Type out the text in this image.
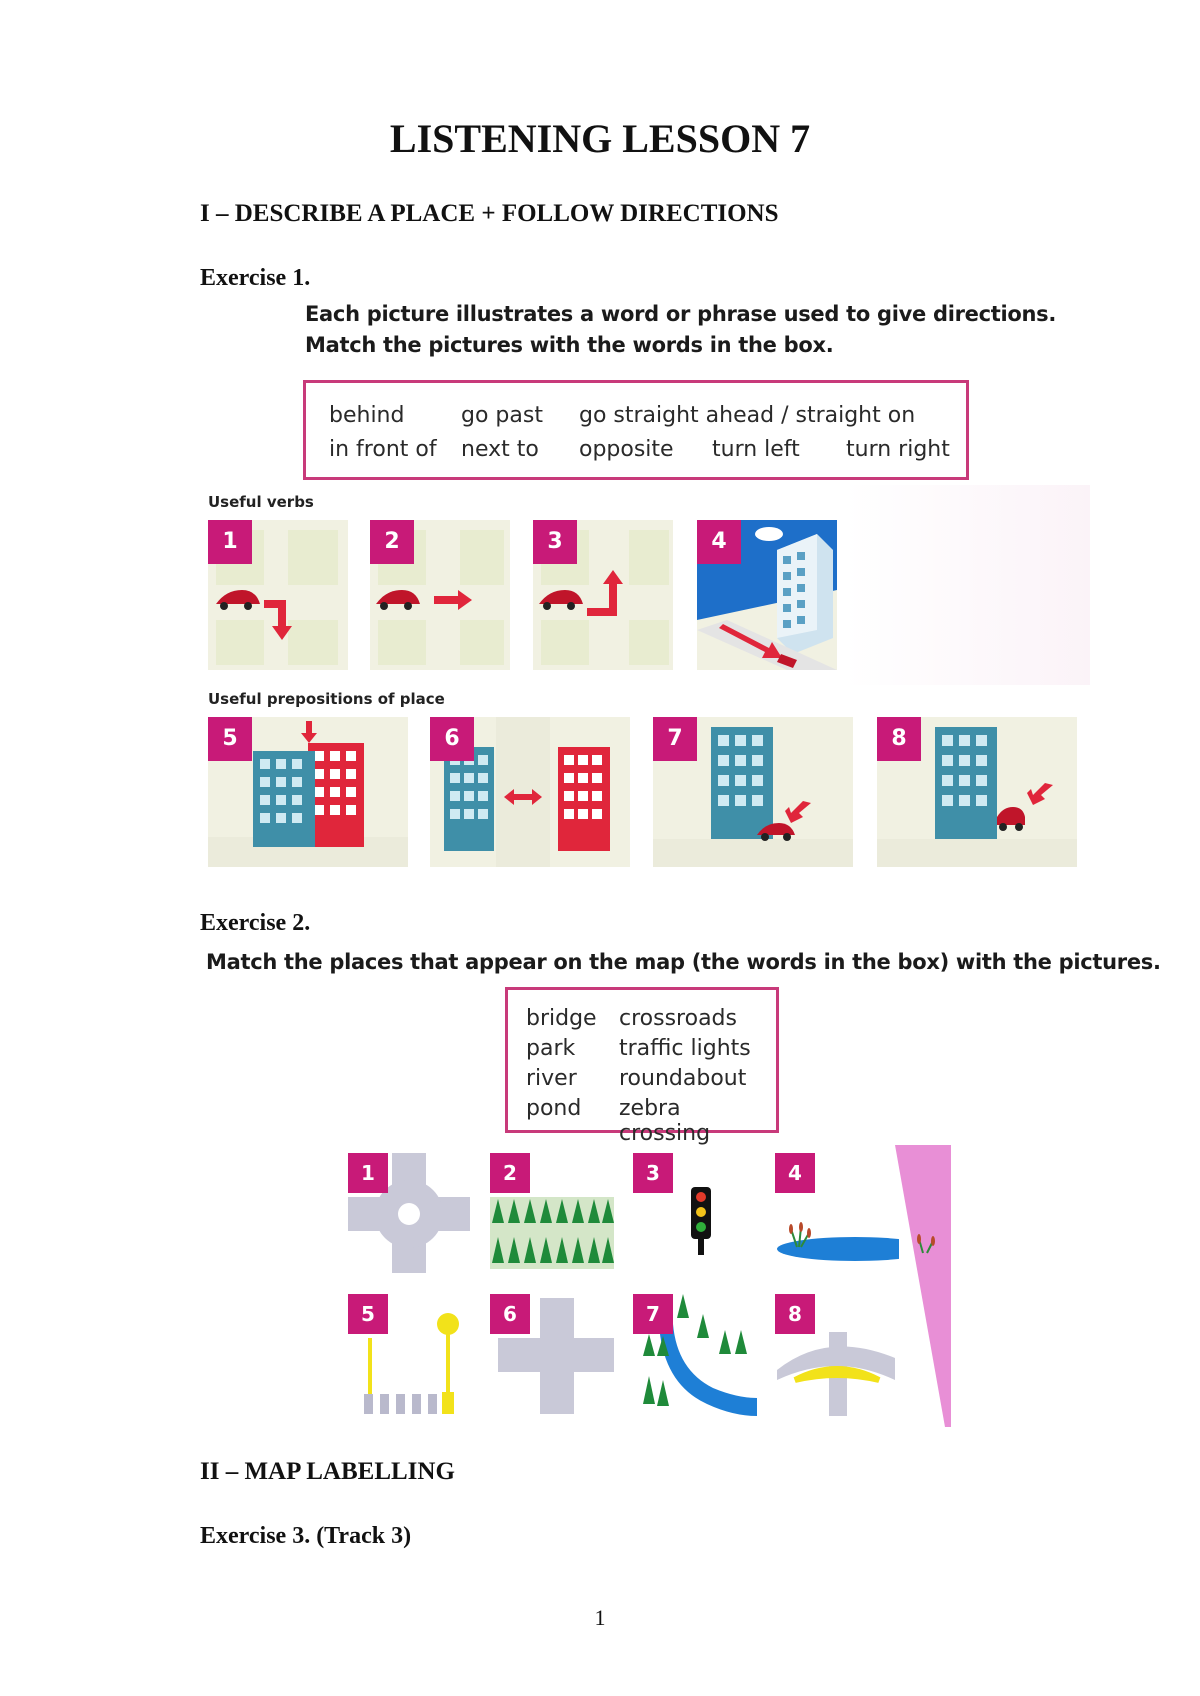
LISTENING LESSON 7
I – DESCRIBE A PLACE + FOLLOW DIRECTIONS
Exercise 1.
Each picture illustrates a word or phrase used to give directions.
Match the pictures with the words in the box.
behind	go past go straight ahead / straight on
in front of next to opposite turn left turn right
Useful verbs
1	2	3	4
Useful prepositions of place
5	6	7	8
Exercise 2.
Match the places that appear on the map (the words in the box) with the pictures.
bridge crossroads
park traffic lights
river roundabout
pond zebra crossing
1	2	3	4
5	6	7	8
II – MAP LABELLING
Exercise 3. (Track 3)
1
